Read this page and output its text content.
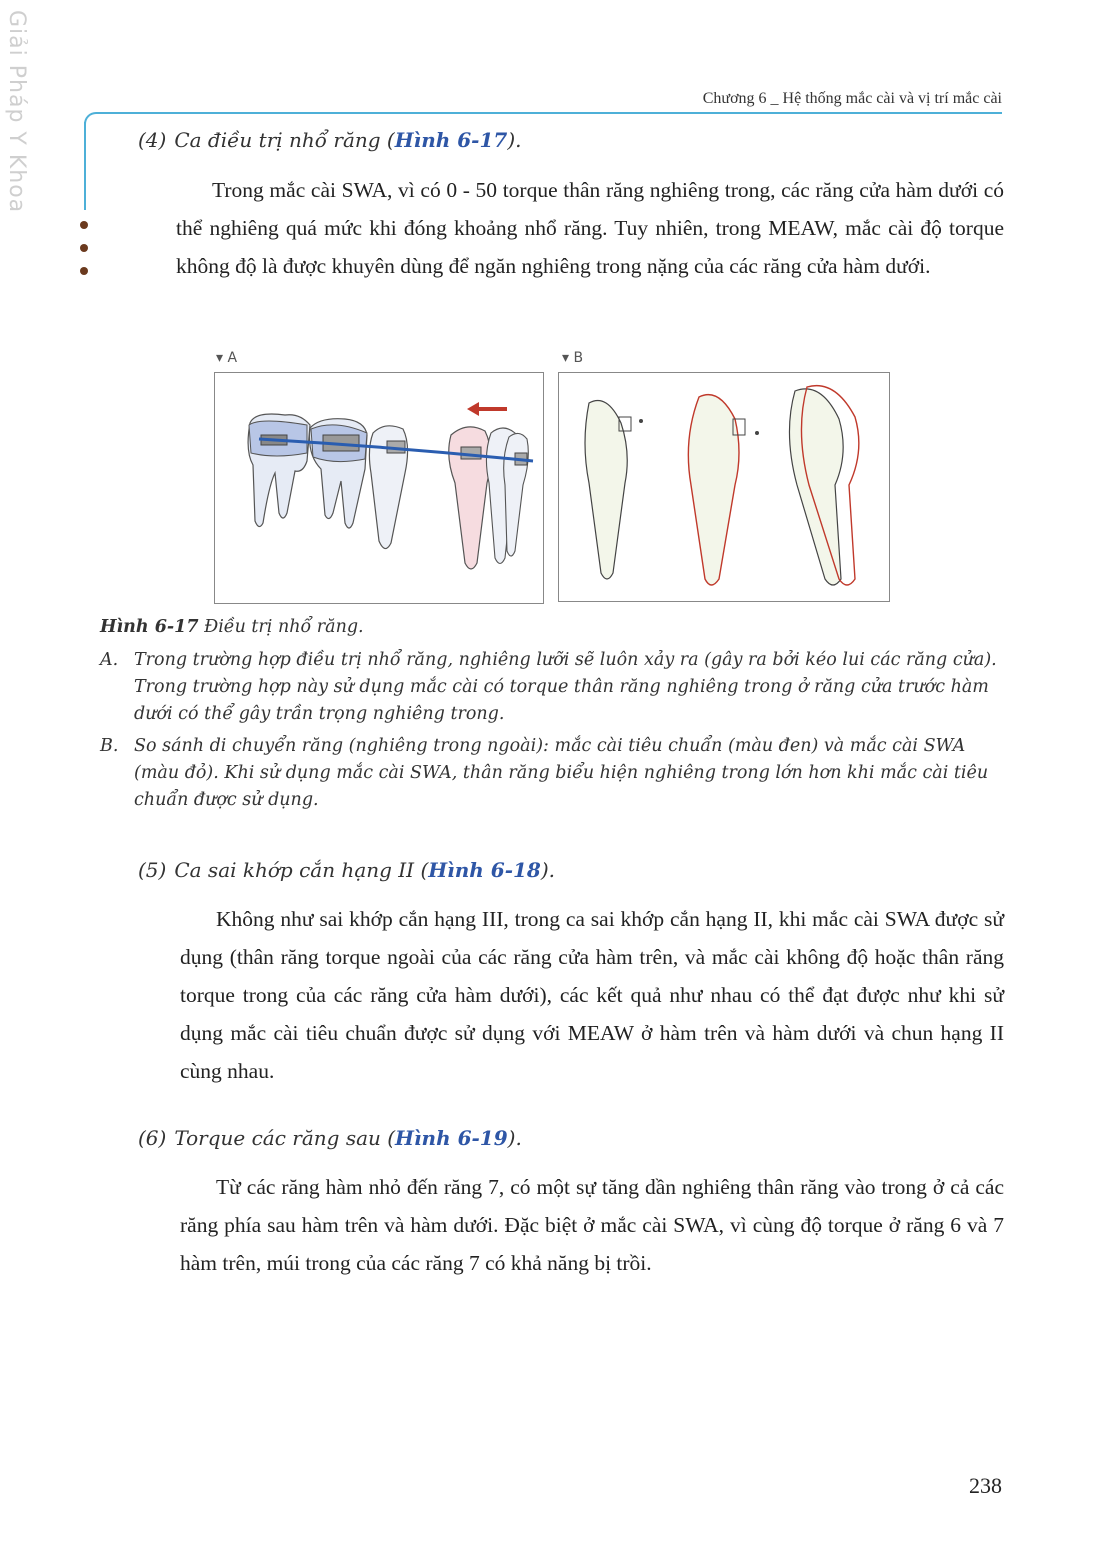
Giải Pháp Y Khoa	Chương 6 _ Hệ thống mắc cài và vị trí mắc cài
(4) Ca điều trị nhổ răng (Hình 6-17).

Trong mắc cài SWA, vì có 0 - 50 torque thân răng nghiêng trong, các răng cửa hàm dưới có thể nghiêng quá mức khi đóng khoảng nhổ răng. Tuy nhiên, trong MEAW, mắc cài độ torque không độ là được khuyên dùng để ngăn nghiêng trong nặng của các răng cửa hàm dưới.

▾ A	▾ B
Hình 6-17 Điều trị nhổ răng.
A. Trong trường hợp điều trị nhổ răng, nghiêng lưỡi sẽ luôn xảy ra (gây ra bởi kéo lui các răng cửa). Trong trường hợp này sử dụng mắc cài có torque thân răng nghiêng trong ở răng cửa trước hàm dưới có thể gây trần trọng nghiêng trong.
B. So sánh di chuyển răng (nghiêng trong ngoài): mắc cài tiêu chuẩn (màu đen) và mắc cài SWA (màu đỏ). Khi sử dụng mắc cài SWA, thân răng biểu hiện nghiêng trong lớn hơn khi mắc cài tiêu chuẩn được sử dụng.
(5) Ca sai khớp cắn hạng II (Hình 6-18).

Không như sai khớp cắn hạng III, trong ca sai khớp cắn hạng II, khi mắc cài SWA được sử dụng (thân răng torque ngoài của các răng cửa hàm trên, và mắc cài không độ hoặc thân răng torque trong của các răng cửa hàm dưới), các kết quả như nhau có thể đạt được như khi sử dụng mắc cài tiêu chuẩn được sử dụng với MEAW ở hàm trên và hàm dưới và chun hạng II cùng nhau.

(6) Torque các răng sau (Hình 6-19).

Từ các răng hàm nhỏ đến răng 7, có một sự tăng dần nghiêng thân răng vào trong ở cả các răng phía sau hàm trên và hàm dưới. Đặc biệt ở mắc cài SWA, vì cùng độ torque ở răng 6 và 7 hàm trên, múi trong của các răng 7 có khả năng bị trồi.

238
